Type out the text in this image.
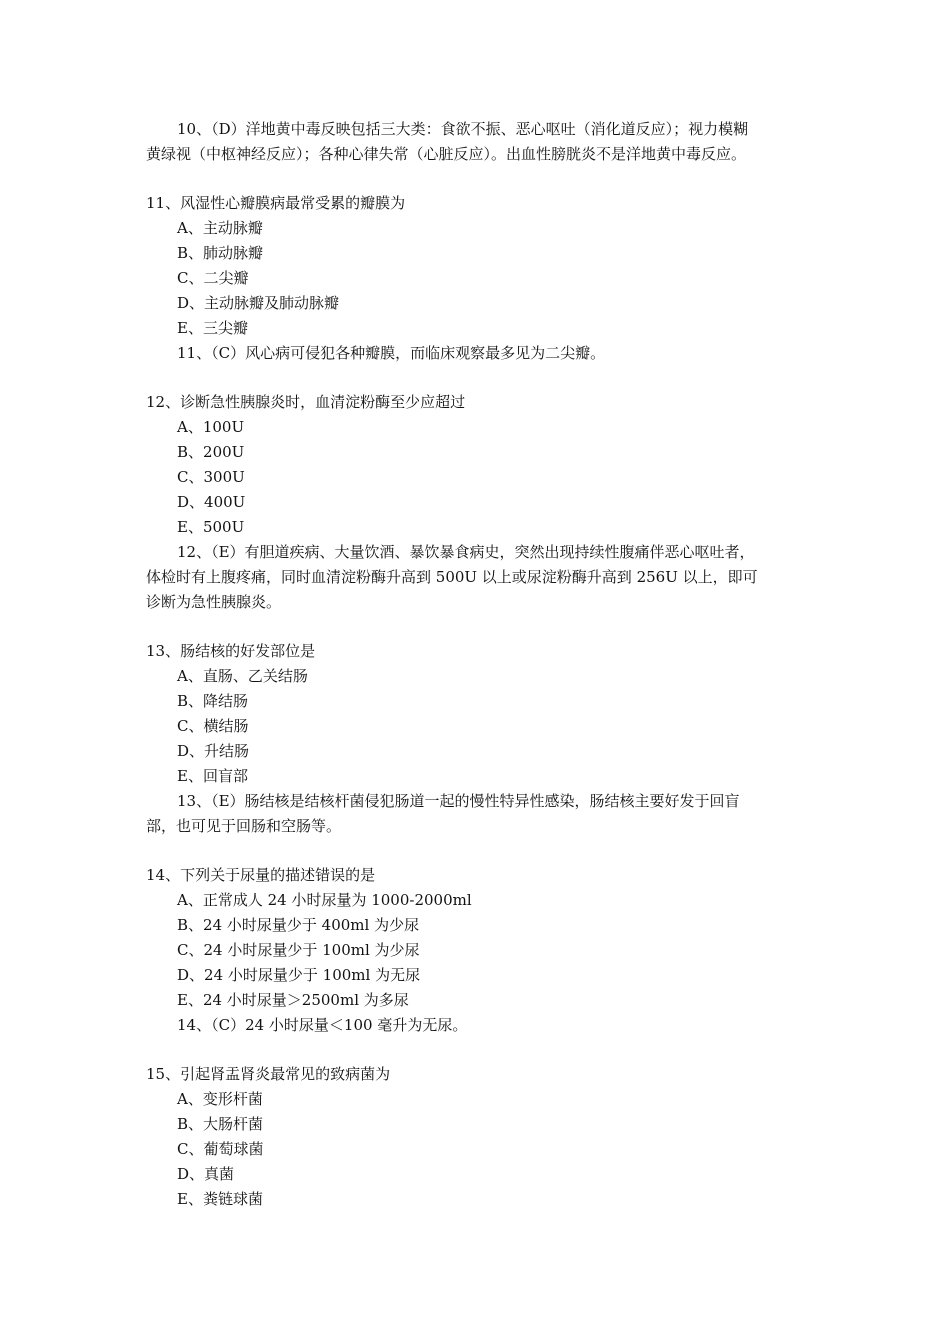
10、（D）洋地黄中毒反映包括三大类：食欲不振、恶心呕吐（消化道反应）；视力模糊

黄绿视（中枢神经反应）；各种心律失常（心脏反应）。出血性膀胱炎不是洋地黄中毒反应。

11、风湿性心瓣膜病最常受累的瓣膜为

A、主动脉瓣

B、肺动脉瓣

C、二尖瓣

D、主动脉瓣及肺动脉瓣

E、三尖瓣

11、（C）风心病可侵犯各种瓣膜，而临床观察最多见为二尖瓣。

12、诊断急性胰腺炎时，血清淀粉酶至少应超过

A、100U

B、200U

C、300U

D、400U

E、500U

12、（E）有胆道疾病、大量饮酒、暴饮暴食病史，突然出现持续性腹痛伴恶心呕吐者，

体检时有上腹疼痛，同时血清淀粉酶升高到 500U 以上或尿淀粉酶升高到 256U 以上，即可

诊断为急性胰腺炎。

13、肠结核的好发部位是

A、直肠、乙关结肠

B、降结肠

C、横结肠

D、升结肠

E、回盲部

13、（E）肠结核是结核杆菌侵犯肠道一起的慢性特异性感染，肠结核主要好发于回盲

部，也可见于回肠和空肠等。

14、下列关于尿量的描述错误的是

A、正常成人 24 小时尿量为 1000-2000ml

B、24 小时尿量少于 400ml 为少尿

C、24 小时尿量少于 100ml 为少尿

D、24 小时尿量少于 100ml 为无尿

E、24 小时尿量＞2500ml 为多尿

14、（C）24 小时尿量＜100 毫升为无尿。

15、引起肾盂肾炎最常见的致病菌为

A、变形杆菌

B、大肠杆菌

C、葡萄球菌

D、真菌

E、粪链球菌
